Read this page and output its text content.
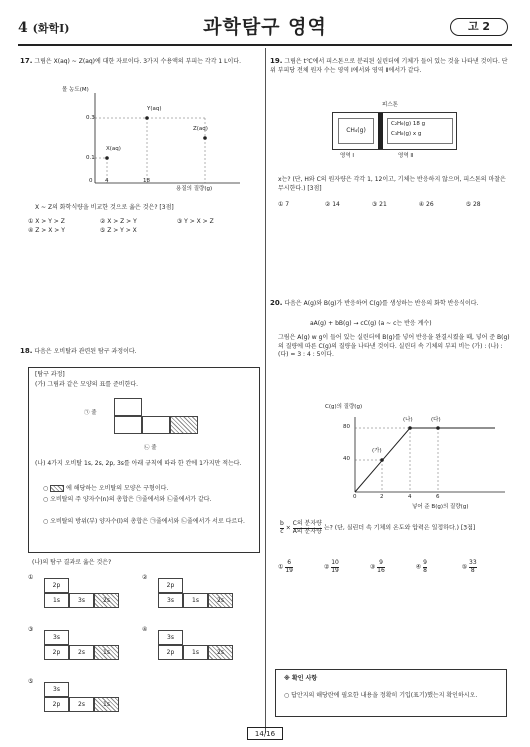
4 (화학Ⅰ)	과학탐구 영역	고 2
17. 그림은 X(aq) ~ Z(aq)에 대한 자료이다. 3가지 수용액의 부피는 각각 1 L이다.
몰 농도(M)
0.3
0.1
0 4	18
용질의 질량(g)
X(aq)
Y(aq)
Z(aq)
X ~ Z의 화학식량을 비교한 것으로 옳은 것은? [3점]
① X > Y > Z	② X > Z > Y	③ Y > X > Z
④ Z > X > Y	⑤ Z > Y > X
18. 다음은 오비탈과 관련된 탐구 과정이다.
[탐구 과정]
(가) 그림과 같은 모양의 표를 준비한다.
㉠ 줄
㉡ 줄
(나) 4가지 오비탈 1s, 2s, 2p, 3s를 아래 규칙에 따라 한 칸에 1가지만 적는다.
○	에 해당하는 오비탈의 모양은 구형이다.
○ 오비탈의 주 양자수(n)의 총합은 ㉠줄에서와 ㉡줄에서가 같다.
○ 오비탈의 방위(부) 양자수(l)의 총합은 ㉠줄에서와 ㉡줄에서가 서로 다르다.
(나)의 탐구 결과로 옳은 것은?
①
2p
1s	3s	2s
②
2p
3s	1s	2s
③
3s
2p	2s	1s
④
3s
2p	1s	2s
⑤
3s
2p	2s	1s
19. 그림은 t℃에서 피스톤으로 분리된 실린더에 기체가 들어 있는 것을 나타낸 것이다. 단위 부피당 전체 원자 수는 영역 Ⅰ에서와 영역 Ⅱ에서가 같다.
피스톤
CH₄(g)
C₂H₆(g) 18 g
C₃H₈(g) x g
영역 Ⅰ	영역 Ⅱ
x는? (단, H와 C의 원자량은 각각 1, 12이고, 기체는 반응하지 않으며, 피스톤의 마찰은 무시한다.) [3점]
① 7	② 14	③ 21	④ 26	⑤ 28
20. 다음은 A(g)와 B(g)가 반응하여 C(g)를 생성하는 반응의 화학 반응식이다.
aA(g) + bB(g) → cC(g) (a ~ c는 반응 계수)
그림은 A(g) w g이 들어 있는 실린더에 B(g)를 넣어 반응을 완결시켰을 때, 넣어 준 B(g)의 질량에 따른 C(g)의 질량을 나타낸 것이다. 실린더 속 기체의 부피 비는 (가) : (나) : (다) = 3 : 4 : 5이다.
C(g)의 질량(g)
80
40
0	2	4	6
넣어 준 B(g)의 질량(g)
(가)
(나)	(다)
$\frac{b}{c} \times \frac{\text{C의 분자량}}{\text{A의 분자량}}$ 는? (단, 실린더 속 기체의 온도와 압력은 일정하다.) [3점]
① $\frac{6}{19}$	② $\frac{10}{19}$	③ $\frac{9}{16}$	④ $\frac{9}{8}$	⑤ $\frac{33}{8}$
※ 확인 사항
○ 답안지의 해당란에 필요한 내용을 정확히 기입(표기)했는지 확인하시오.
14/16
